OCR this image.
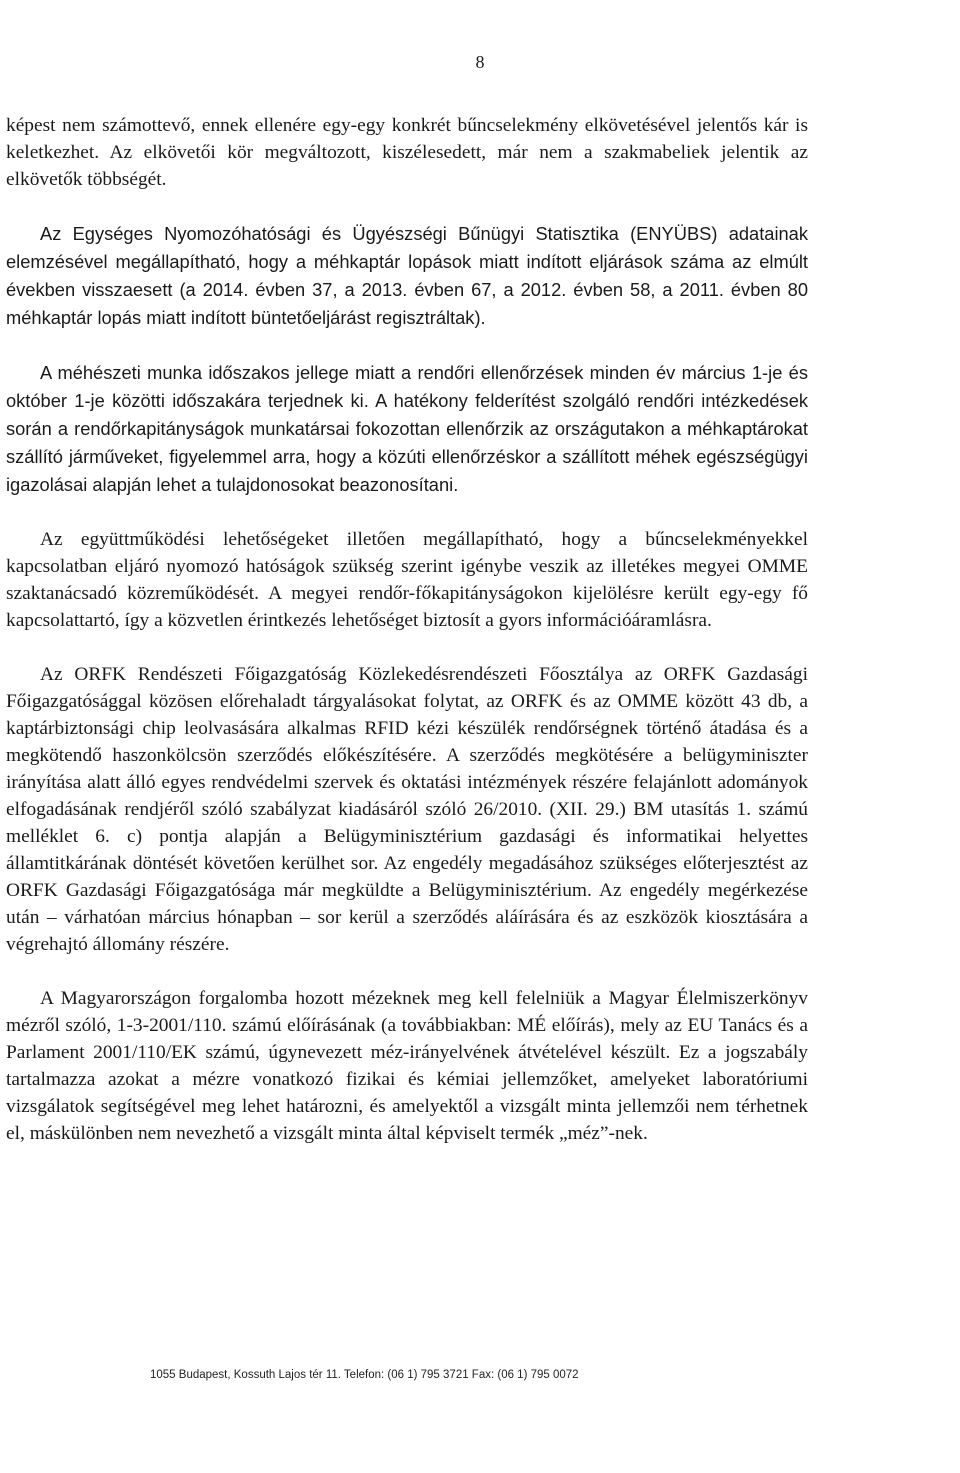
8

képest nem számottevő, ennek ellenére egy-egy konkrét bűncselekmény elkövetésével jelentős kár is keletkezhet. Az elkövetői kör megváltozott, kiszélesedett, már nem a szakmabeliek jelentik az elkövetők többségét.

Az Egységes Nyomozóhatósági és Ügyészségi Bűnügyi Statisztika (ENYÜBS) adatainak elemzésével megállapítható, hogy a méhkaptár lopások miatt indított eljárások száma az elmúlt években visszaesett (a 2014. évben 37, a 2013. évben 67, a 2012. évben 58, a 2011. évben 80 méhkaptár lopás miatt indított büntetőeljárást regisztráltak).

A méhészeti munka időszakos jellege miatt a rendőri ellenőrzések minden év március 1-je és október 1-je közötti időszakára terjednek ki. A hatékony felderítést szolgáló rendőri intézkedések során a rendőrkapitányságok munkatársai fokozottan ellenőrzik az országutakon a méhkaptárokat szállító járműveket, figyelemmel arra, hogy a közúti ellenőrzéskor a szállított méhek egészségügyi igazolásai alapján lehet a tulajdonosokat beazonosítani.

Az együttműködési lehetőségeket illetően megállapítható, hogy a bűncselekményekkel kapcsolatban eljáró nyomozó hatóságok szükség szerint igénybe veszik az illetékes megyei OMME szaktanácsadó közreműködését. A megyei rendőr-főkapitányságokon kijelölésre került egy-egy fő kapcsolattartó, így a közvetlen érintkezés lehetőséget biztosít a gyors információáramlásra.

Az ORFK Rendészeti Főigazgatóság Közlekedésrendészeti Főosztálya az ORFK Gazdasági Főigazgatósággal közösen előrehaladt tárgyalásokat folytat, az ORFK és az OMME között 43 db, a kaptárbiztonsági chip leolvasására alkalmas RFID kézi készülék rendőrségnek történő átadása és a megkötendő haszonkölcsön szerződés előkészítésére. A szerződés megkötésére a belügyminiszter irányítása alatt álló egyes rendvédelmi szervek és oktatási intézmények részére felajánlott adományok elfogadásának rendjéről szóló szabályzat kiadásáról szóló 26/2010. (XII. 29.) BM utasítás 1. számú melléklet 6. c) pontja alapján a Belügyminisztérium gazdasági és informatikai helyettes államtitkárának döntését követően kerülhet sor. Az engedély megadásához szükséges előterjesztést az ORFK Gazdasági Főigazgatósága már megküldte a Belügyminisztérium. Az engedély megérkezése után – várhatóan március hónapban – sor kerül a szerződés aláírására és az eszközök kiosztására a végrehajtó állomány részére.

A Magyarországon forgalomba hozott mézeknek meg kell felelniük a Magyar Élelmiszerkönyv mézről szóló, 1-3-2001/110. számú előírásának (a továbbiakban: MÉ előírás), mely az EU Tanács és a Parlament 2001/110/EK számú, úgynevezett méz-irányelvének átvételével készült. Ez a jogszabály tartalmazza azokat a mézre vonatkozó fizikai és kémiai jellemzőket, amelyeket laboratóriumi vizsgálatok segítségével meg lehet határozni, és amelyektől a vizsgált minta jellemzői nem térhetnek el, máskülönben nem nevezhető a vizsgált minta által képviselt termék „méz”-nek.

1055 Budapest, Kossuth Lajos tér 11. Telefon: (06 1) 795 3721 Fax: (06 1) 795 0072
